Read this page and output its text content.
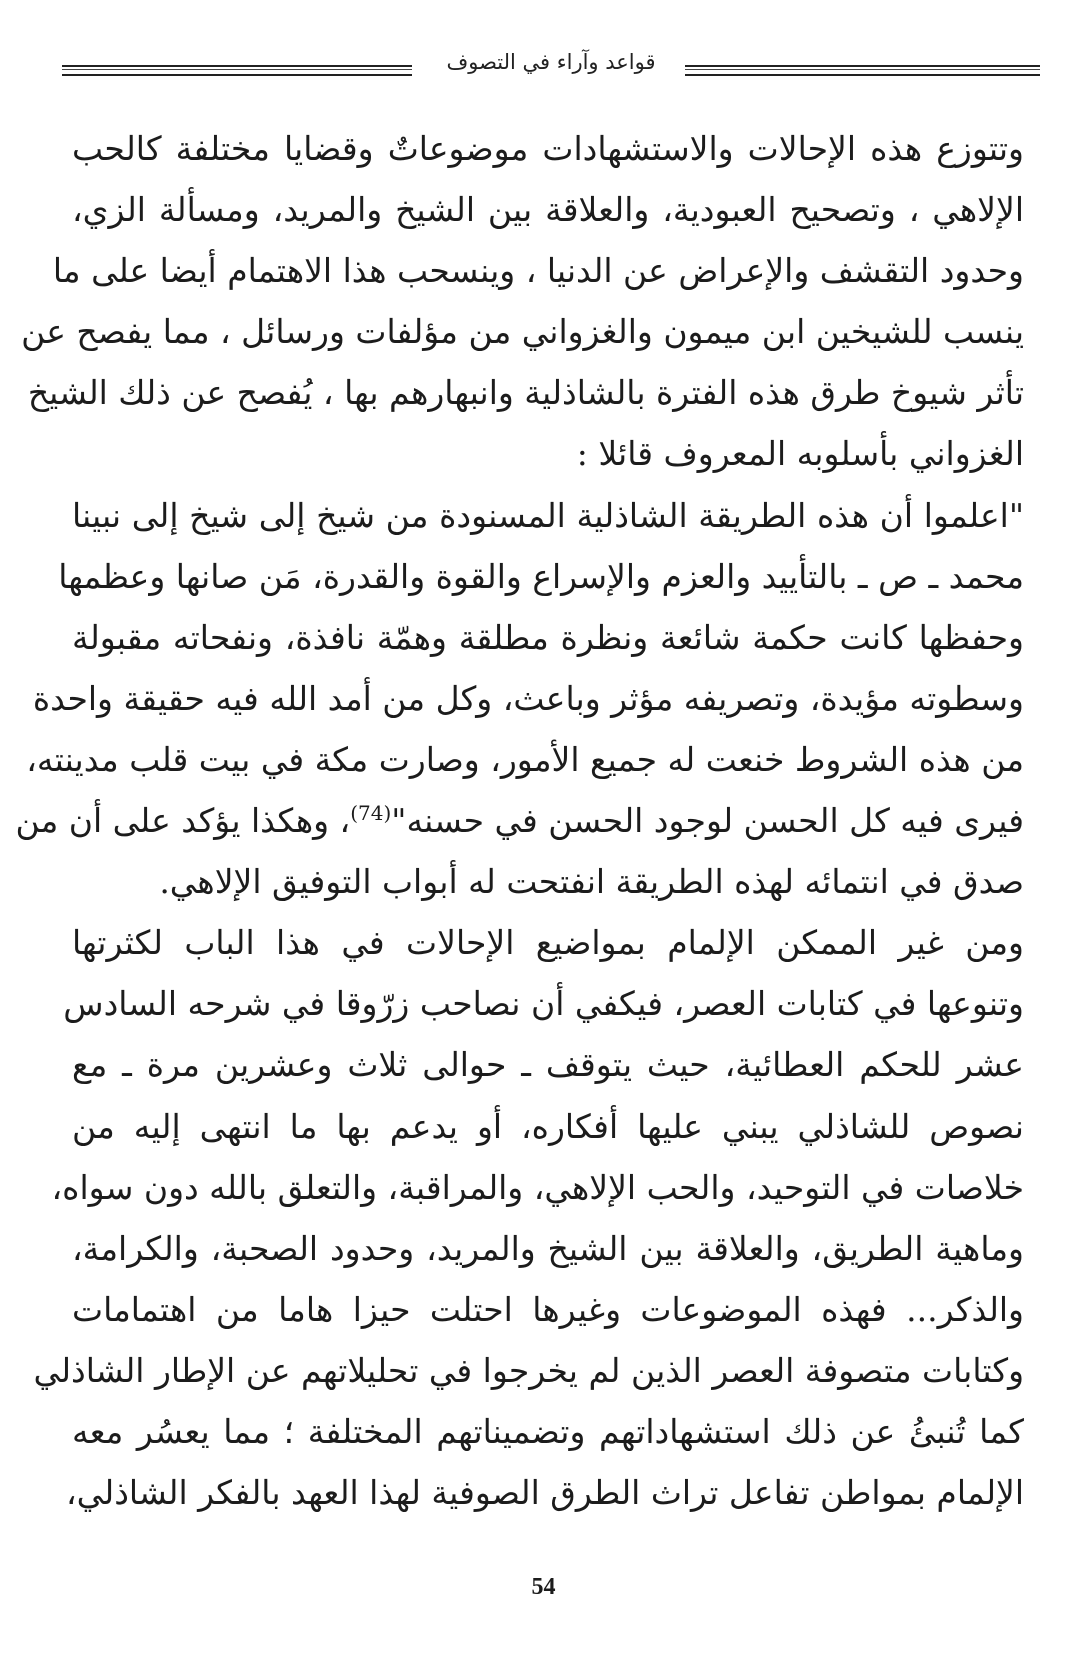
قواعد وآراء في التصوف
وتتوزع هذه الإحالات والاستشهادات موضوعاتٌ وقضايا مختلفة كالحب
الإلاهي ، وتصحيح العبودية، والعلاقة بين الشيخ والمريد، ومسألة الزي،
وحدود التقشف والإعراض عن الدنيا ، وينسحب هذا الاهتمام أيضا على ما
ينسب للشيخين ابن ميمون والغزواني من مؤلفات ورسائل ، مما يفصح عن
تأثر شيوخ طرق هذه الفترة بالشاذلية وانبهارهم بها ، يُفصح عن ذلك الشيخ
الغزواني بأسلوبه المعروف قائلا :
"اعلموا أن هذه الطريقة الشاذلية المسنودة من شيخ إلى شيخ إلى نبينا
محمد ـ ص ـ بالتأييد والعزم والإسراع والقوة والقدرة، مَن صانها وعظمها
وحفظها كانت حكمة شائعة ونظرة مطلقة وهمّة نافذة، ونفحاته مقبولة
وسطوته مؤيدة، وتصريفه مؤثر وباعث، وكل من أمد الله فيه حقيقة واحدة
من هذه الشروط خنعت له جميع الأمور، وصارت مكة في بيت قلب مدينته،
فيرى فيه كل الحسن لوجود الحسن في حسنه"$^{(74)}$، وهكذا يؤكد على أن من
صدق في انتمائه لهذه الطريقة انفتحت له أبواب التوفيق الإلاهي.
ومن غير الممكن الإلمام بمواضيع الإحالات في هذا الباب لكثرتها
وتنوعها في كتابات العصر، فيكفي أن نصاحب زرّوقا في شرحه السادس
عشر للحكم العطائية، حيث يتوقف ـ حوالى ثلاث وعشرين مرة ـ مع
نصوص للشاذلي يبني عليها أفكاره، أو يدعم بها ما انتهى إليه من
خلاصات في التوحيد، والحب الإلاهي، والمراقبة، والتعلق بالله دون سواه،
وماهية الطريق، والعلاقة بين الشيخ والمريد، وحدود الصحبة، والكرامة،
والذكر... فهذه الموضوعات وغيرها احتلت حيزا هاما من اهتمامات
وكتابات متصوفة العصر الذين لم يخرجوا في تحليلاتهم عن الإطار الشاذلي
كما تُنبئُ عن ذلك استشهاداتهم وتضميناتهم المختلفة ؛ مما يعسُر معه
الإلمام بمواطن تفاعل تراث الطرق الصوفية لهذا العهد بالفكر الشاذلي،
54
